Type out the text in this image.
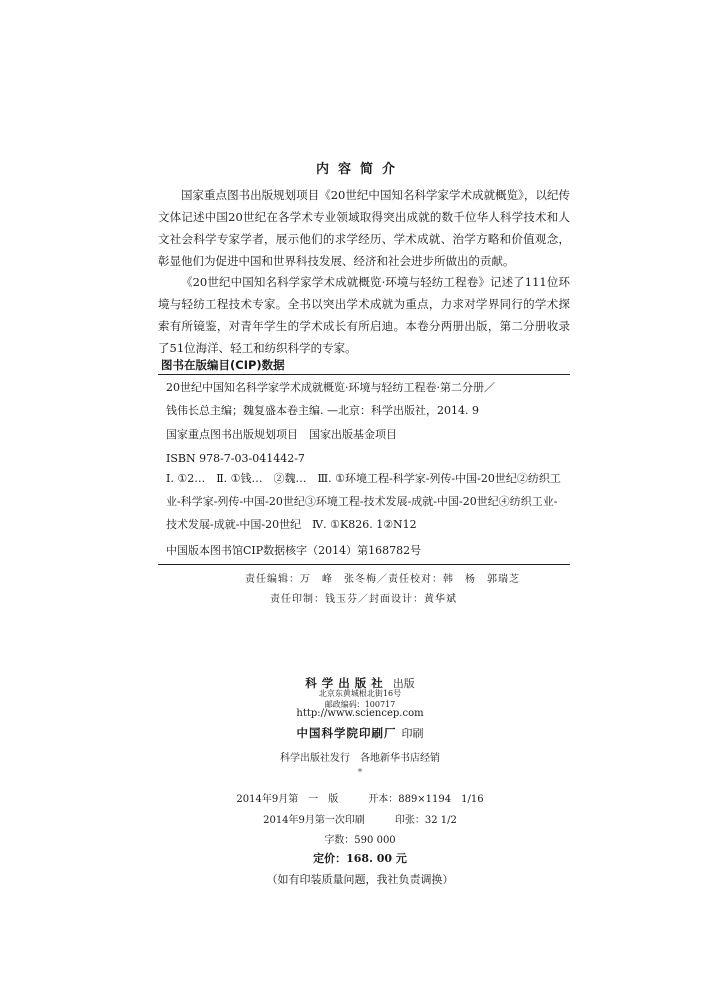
内容简介
国家重点图书出版规划项目《20世纪中国知名科学家学术成就概览》，以纪传文体记述中国20世纪在各学术专业领域取得突出成就的数千位华人科学技术和人文社会科学专家学者，展示他们的求学经历、学术成就、治学方略和价值观念，彰显他们为促进中国和世界科技发展、经济和社会进步所做出的贡献。
《20世纪中国知名科学家学术成就概览·环境与轻纺工程卷》记述了111位环境与轻纺工程技术专家。全书以突出学术成就为重点，力求对学界同行的学术探索有所镜鉴，对青年学生的学术成长有所启迪。本卷分两册出版，第二分册收录了51位海洋、轻工和纺织科学的专家。
图书在版编目(CIP)数据
20世纪中国知名科学家学术成就概览·环境与轻纺工程卷·第二分册／
钱伟长总主编；魏复盛本卷主编. —北京：科学出版社，2014. 9
国家重点图书出版规划项目　国家出版基金项目
ISBN 978-7-03-041442-7
Ⅰ. ①2…　Ⅱ. ①钱…　②魏…　Ⅲ. ①环境工程-科学家-列传-中国-20世纪②纺织工业-科学家-列传-中国-20世纪③环境工程-技术发展-成就-中国-20世纪④纺织工业-技术发展-成就-中国-20世纪　Ⅳ. ①K826. 1②N12
中国版本图书馆CIP数据核字（2014）第168782号
责任编辑：万　峰　张冬梅／责任校对：韩　杨　郭瑞芝
责任印制：钱玉芬／封面设计：黄华斌
科学出版社 出版
北京东黄城根北街16号
邮政编码：100717
http://www.sciencep.com
中国科学院印刷厂 印刷
科学出版社发行　各地新华书店经销
*
2014年9月第　一　版	开本：889×1194　1/16
2014年9月第一次印刷	印张：32 1/2
字数：590 000
定价：168. 00 元
（如有印装质量问题，我社负责调换）
